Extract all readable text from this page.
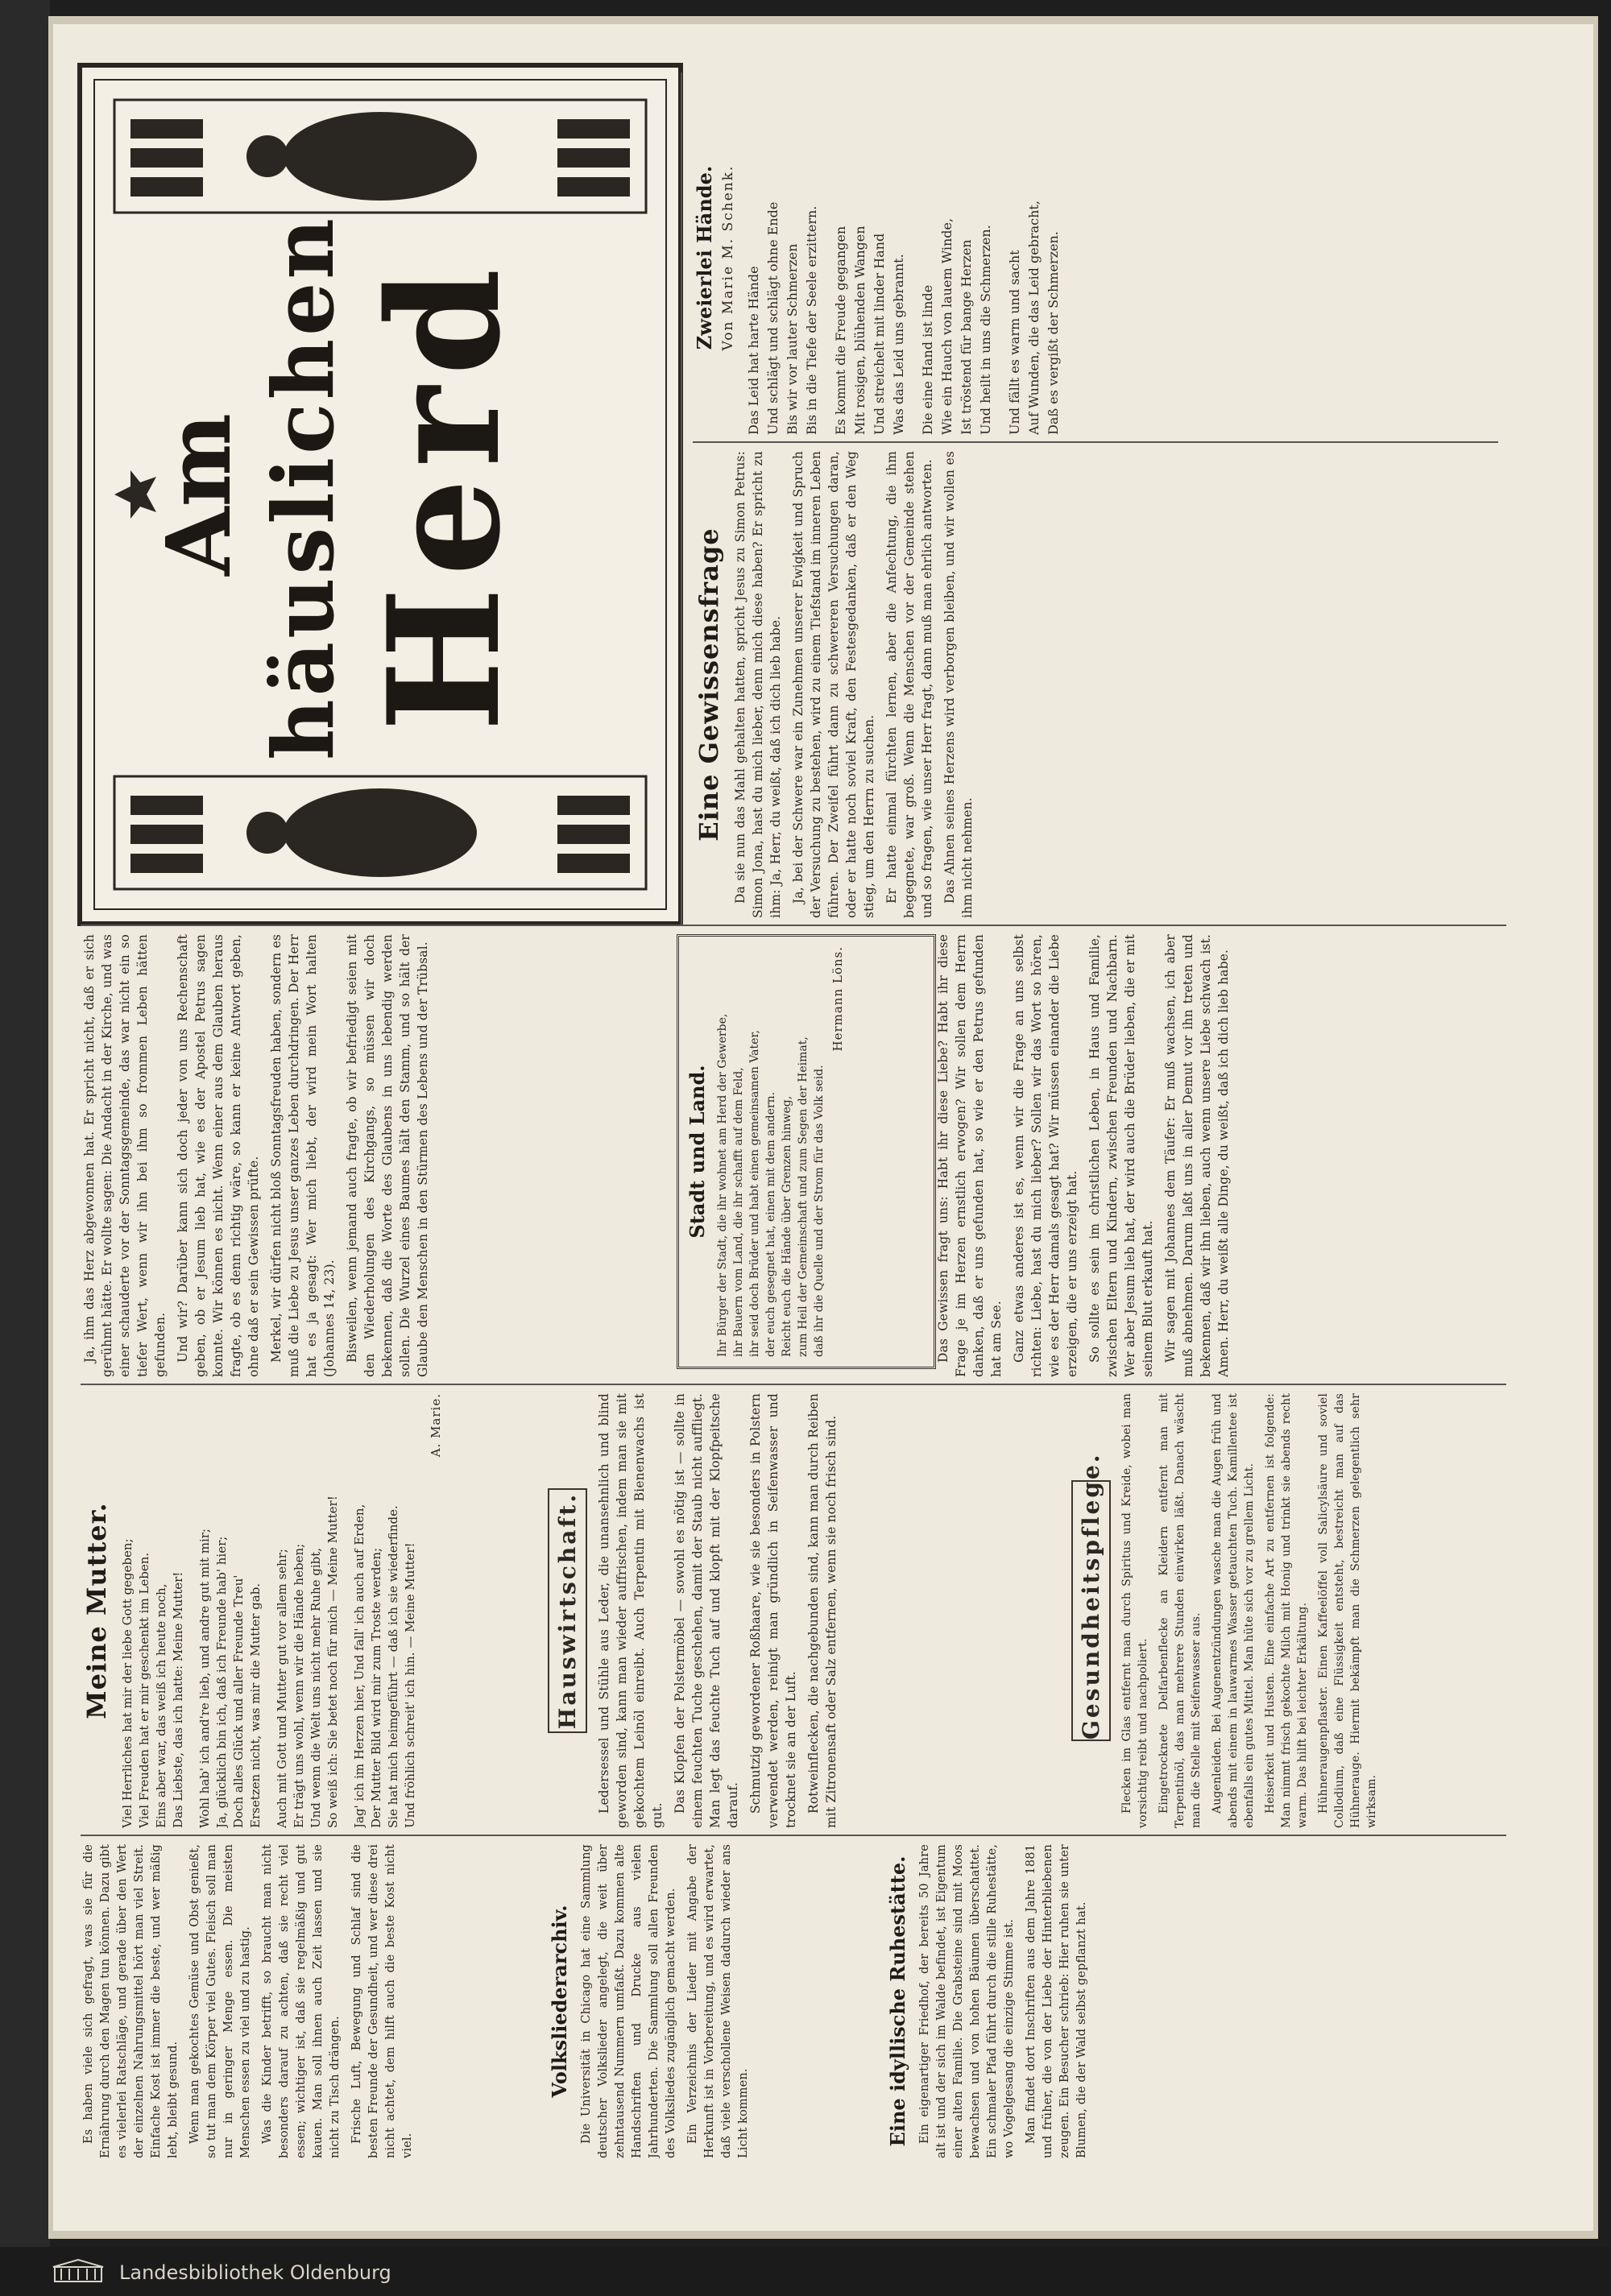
Am häuslichen Herd	Zweierlei Hände. Von Marie M. Schenk. Das Leid hat harte Hände Und schlägt und schlägt ohne Ende Bis wir vor lauter Schmerzen Bis in die Tiefe der Seele erzittern. Es kommt die Freude gegangen Mit rosigen, blühenden Wangen Und streichelt mit linder Hand Was das Leid uns gebrannt. Die eine Hand ist linde Wie ein Hauch von lauem Winde, Ist tröstend für bange Herzen Und heilt in uns die Schmerzen. Und fällt es warm und sacht Auf Wunden, die das Leid gebracht, Daß es vergißt der Schmerzen.
Eine Gewissensfrage Da sie nun das Mahl gehalten hatten, spricht Jesus zu Simon Petrus: Simon Jona, hast du mich lieber, denn mich diese haben? Er spricht zu ihm: Ja, Herr, du weißt, daß ich dich lieb habe. Ja, bei der Schwere war ein Zunehmen unserer Ewigkeit und Spruch der Versuchung zu bestehen, wird zu einem Tiefstand im inneren Leben führen. Der Zweifel führt dann zu schwereren Versuchungen daran, oder er hatte noch soviel Kraft, den Festesgedanken, daß er den Weg stieg, um den Herrn zu suchen. Er hatte einmal fürchten lernen, aber die Anfechtung, die ihm begegnete, war groß. Wenn die Menschen vor der Gemeinde stehen und so fragen, wie unser Herr fragt, dann muß man ehrlich antworten. Das Ahnen seines Herzens wird verborgen bleiben, und wir wollen es ihm nicht nehmen.

Ja, ihm das Herz abgewonnen hat. Er spricht nicht, daß er sich gerühmt hätte. Er wollte sagen: Die Andacht in der Kirche, und was einer schauderte vor der Sonntagsgemeinde, das war nicht ein so tiefer Wert, wenn wir ihn bei ihm so frommen Leben hätten gefunden. Und wir? Darüber kann sich doch jeder von uns Rechenschaft geben, ob er Jesum lieb hat, wie es der Apostel Petrus sagen konnte. Wir können es nicht. Wenn einer aus dem Glauben heraus fragte, ob es denn richtig wäre, so kann er keine Antwort geben, ohne daß er sein Gewissen prüfte. Merkel, wir dürfen nicht bloß Sonntagsfreuden haben, sondern es muß die Liebe zu Jesus unser ganzes Leben durchdringen. Der Herr hat es ja gesagt: Wer mich liebt, der wird mein Wort halten (Johannes 14, 23). Bisweilen, wenn jemand auch fragte, ob wir befriedigt seien mit den Wiederholungen des Kirchgangs, so müssen wir doch bekennen, daß die Worte des Glaubens in uns lebendig werden sollen. Die Wurzel eines Baumes hält den Stamm, und so hält der Glaube den Menschen in den Stürmen des Lebens und der Trübsal.	Stadt und Land. Ihr Bürger der Stadt, die ihr wohnet am Herd der Gewerbe, ihr Bauern vom Land, die ihr schafft auf dem Feld, ihr seid doch Brüder und habt einen gemeinsamen Vater, der euch gesegnet hat, einen mit dem andern. Reicht euch die Hände über Grenzen hinweg, zum Heil der Gemeinschaft und zum Segen der Heimat, daß ihr die Quelle und der Strom für das Volk seid.
Hermann Löns.	Das Gewissen fragt uns: Habt ihr diese Liebe? Habt ihr diese Frage je im Herzen ernstlich erwogen? Wir sollen dem Herrn danken, daß er uns gefunden hat, so wie er den Petrus gefunden hat am See. Ganz etwas anderes ist es, wenn wir die Frage an uns selbst richten: Liebe, hast du mich lieber? Sollen wir das Wort so hören, wie es der Herr damals gesagt hat? Wir müssen einander die Liebe erzeigen, die er uns erzeigt hat. So sollte es sein im christlichen Leben, in Haus und Familie, zwischen Eltern und Kindern, zwischen Freunden und Nachbarn. Wer aber Jesum lieb hat, der wird auch die Brüder lieben, die er mit seinem Blut erkauft hat. Wir sagen mit Johannes dem Täufer: Er muß wachsen, ich aber muß abnehmen. Darum laßt uns in aller Demut vor ihn treten und bekennen, daß wir ihn lieben, auch wenn unsere Liebe schwach ist. Amen. Herr, du weißt alle Dinge, du weißt, daß ich dich lieb habe.

Meine Mutter. Viel Herrliches hat mir der liebe Gott gegeben; Viel Freuden hat er mir geschenkt im Leben. Eins aber war, das weiß ich heute noch, Das Liebste, das ich hatte: Meine Mutter! Wohl hab' ich and're lieb, und andre gut mit mir; Ja, glücklich bin ich, daß ich Freunde hab' hier; Doch alles Glück und aller Freunde Treu' Ersetzen nicht, was mir die Mutter gab. Auch mit Gott und Mutter gut vor allem sehr; Er trägt uns wohl, wenn wir die Hände heben; Und wenn die Welt uns nicht mehr Ruhe gibt, So weiß ich: Sie betet noch für mich — Meine Mutter! Jag' ich im Herzen hier, Und fall' ich auch auf Erden, Der Mutter Bild wird mir zum Troste werden; Sie hat mich heimgeführt — daß ich sie wiederfinde. Und fröhlich schreit' ich hin. — Meine Mutter!
A. Marie.
Hauswirtschaft.	Ledersessel und Stühle aus Leder, die unansehnlich und blind geworden sind, kann man wieder auffrischen, indem man sie mit gekochtem Leinöl einreibt. Auch Terpentin mit Bienenwachs ist gut.

Das Klopfen der Polstermöbel — sowohl es nötig ist — sollte in einem feuchten Tuche geschehen, damit der Staub nicht auffliegt. Man legt das feuchte Tuch auf und klopft mit der Klopfpeitsche darauf. Schmutzig gewordener Roßhaare, wie sie besonders in Polstern verwendet werden, reinigt man gründlich in Seifenwasser und trocknet sie an der Luft. Rotweinflecken, die nachgebunden sind, kann man durch Reiben mit Zitronensaft oder Salz entfernen, wenn sie noch frisch sind.	Gesundheitspflege.	Flecken im Glas entfernt man durch Spiritus und Kreide, wobei man vorsichtig reibt und nachpoliert. Eingetrocknete Delfarbenflecke an Kleidern entfernt man mit Terpentinöl, das man mehrere Stunden einwirken läßt. Danach wäscht man die Stelle mit Seifenwasser aus. Augenleiden. Bei Augenentzündungen wasche man die Augen früh und abends mit einem in lauwarmes Wasser getauchten Tuch. Kamillentee ist ebenfalls ein gutes Mittel. Man hüte sich vor zu grellem Licht. Heiserkeit und Husten. Eine einfache Art zu entfernen ist folgende: Man nimmt frisch gekochte Milch mit Honig und trinkt sie abends recht warm. Das hilft bei leichter Erkältung. Hühneraugenpflaster. Einen Kaffeelöffel voll Salicylsäure und soviel Collodium, daß eine Flüssigkeit entsteht, bestreicht man auf das Hühnerauge. Hiermit bekämpft man die Schmerzen gelegentlich sehr wirksam.

Es haben viele sich gefragt, was sie für die Ernährung durch den Magen tun können. Dazu gibt es vielerlei Ratschläge, und gerade über den Wert der einzelnen Nahrungsmittel hört man viel Streit. Einfache Kost ist immer die beste, und wer mäßig lebt, bleibt gesund. Wenn man gekochtes Gemüse und Obst genießt, so tut man dem Körper viel Gutes. Fleisch soll man nur in geringer Menge essen. Die meisten Menschen essen zu viel und zu hastig. Was die Kinder betrifft, so braucht man nicht besonders darauf zu achten, daß sie recht viel essen; wichtiger ist, daß sie regelmäßig und gut kauen. Man soll ihnen auch Zeit lassen und sie nicht zu Tisch drängen. Frische Luft, Bewegung und Schlaf sind die besten Freunde der Gesundheit, und wer diese drei nicht achtet, dem hilft auch die beste Kost nicht viel.

Volksliederarchiv. Die Universität in Chicago hat eine Sammlung deutscher Volkslieder angelegt, die weit über zehntausend Nummern umfaßt. Dazu kommen alte Handschriften und Drucke aus vielen Jahrhunderten. Die Sammlung soll allen Freunden des Volksliedes zugänglich gemacht werden. Ein Verzeichnis der Lieder mit Angabe der Herkunft ist in Vorbereitung, und es wird erwartet, daß viele verschollene Weisen dadurch wieder ans Licht kommen.	Eine idyllische Ruhestätte. Ein eigenartiger Friedhof, der bereits 50 Jahre alt ist und der sich im Walde befindet, ist Eigentum einer alten Familie. Die Grabsteine sind mit Moos bewachsen und von hohen Bäumen überschattet. Ein schmaler Pfad führt durch die stille Ruhestätte, wo Vogelgesang die einzige Stimme ist. Man findet dort Inschriften aus dem Jahre 1881 und früher, die von der Liebe der Hinterbliebenen zeugen. Ein Besucher schrieb: Hier ruhen sie unter Blumen, die der Wald selbst gepflanzt hat.

Landesbibliothek Oldenburg
